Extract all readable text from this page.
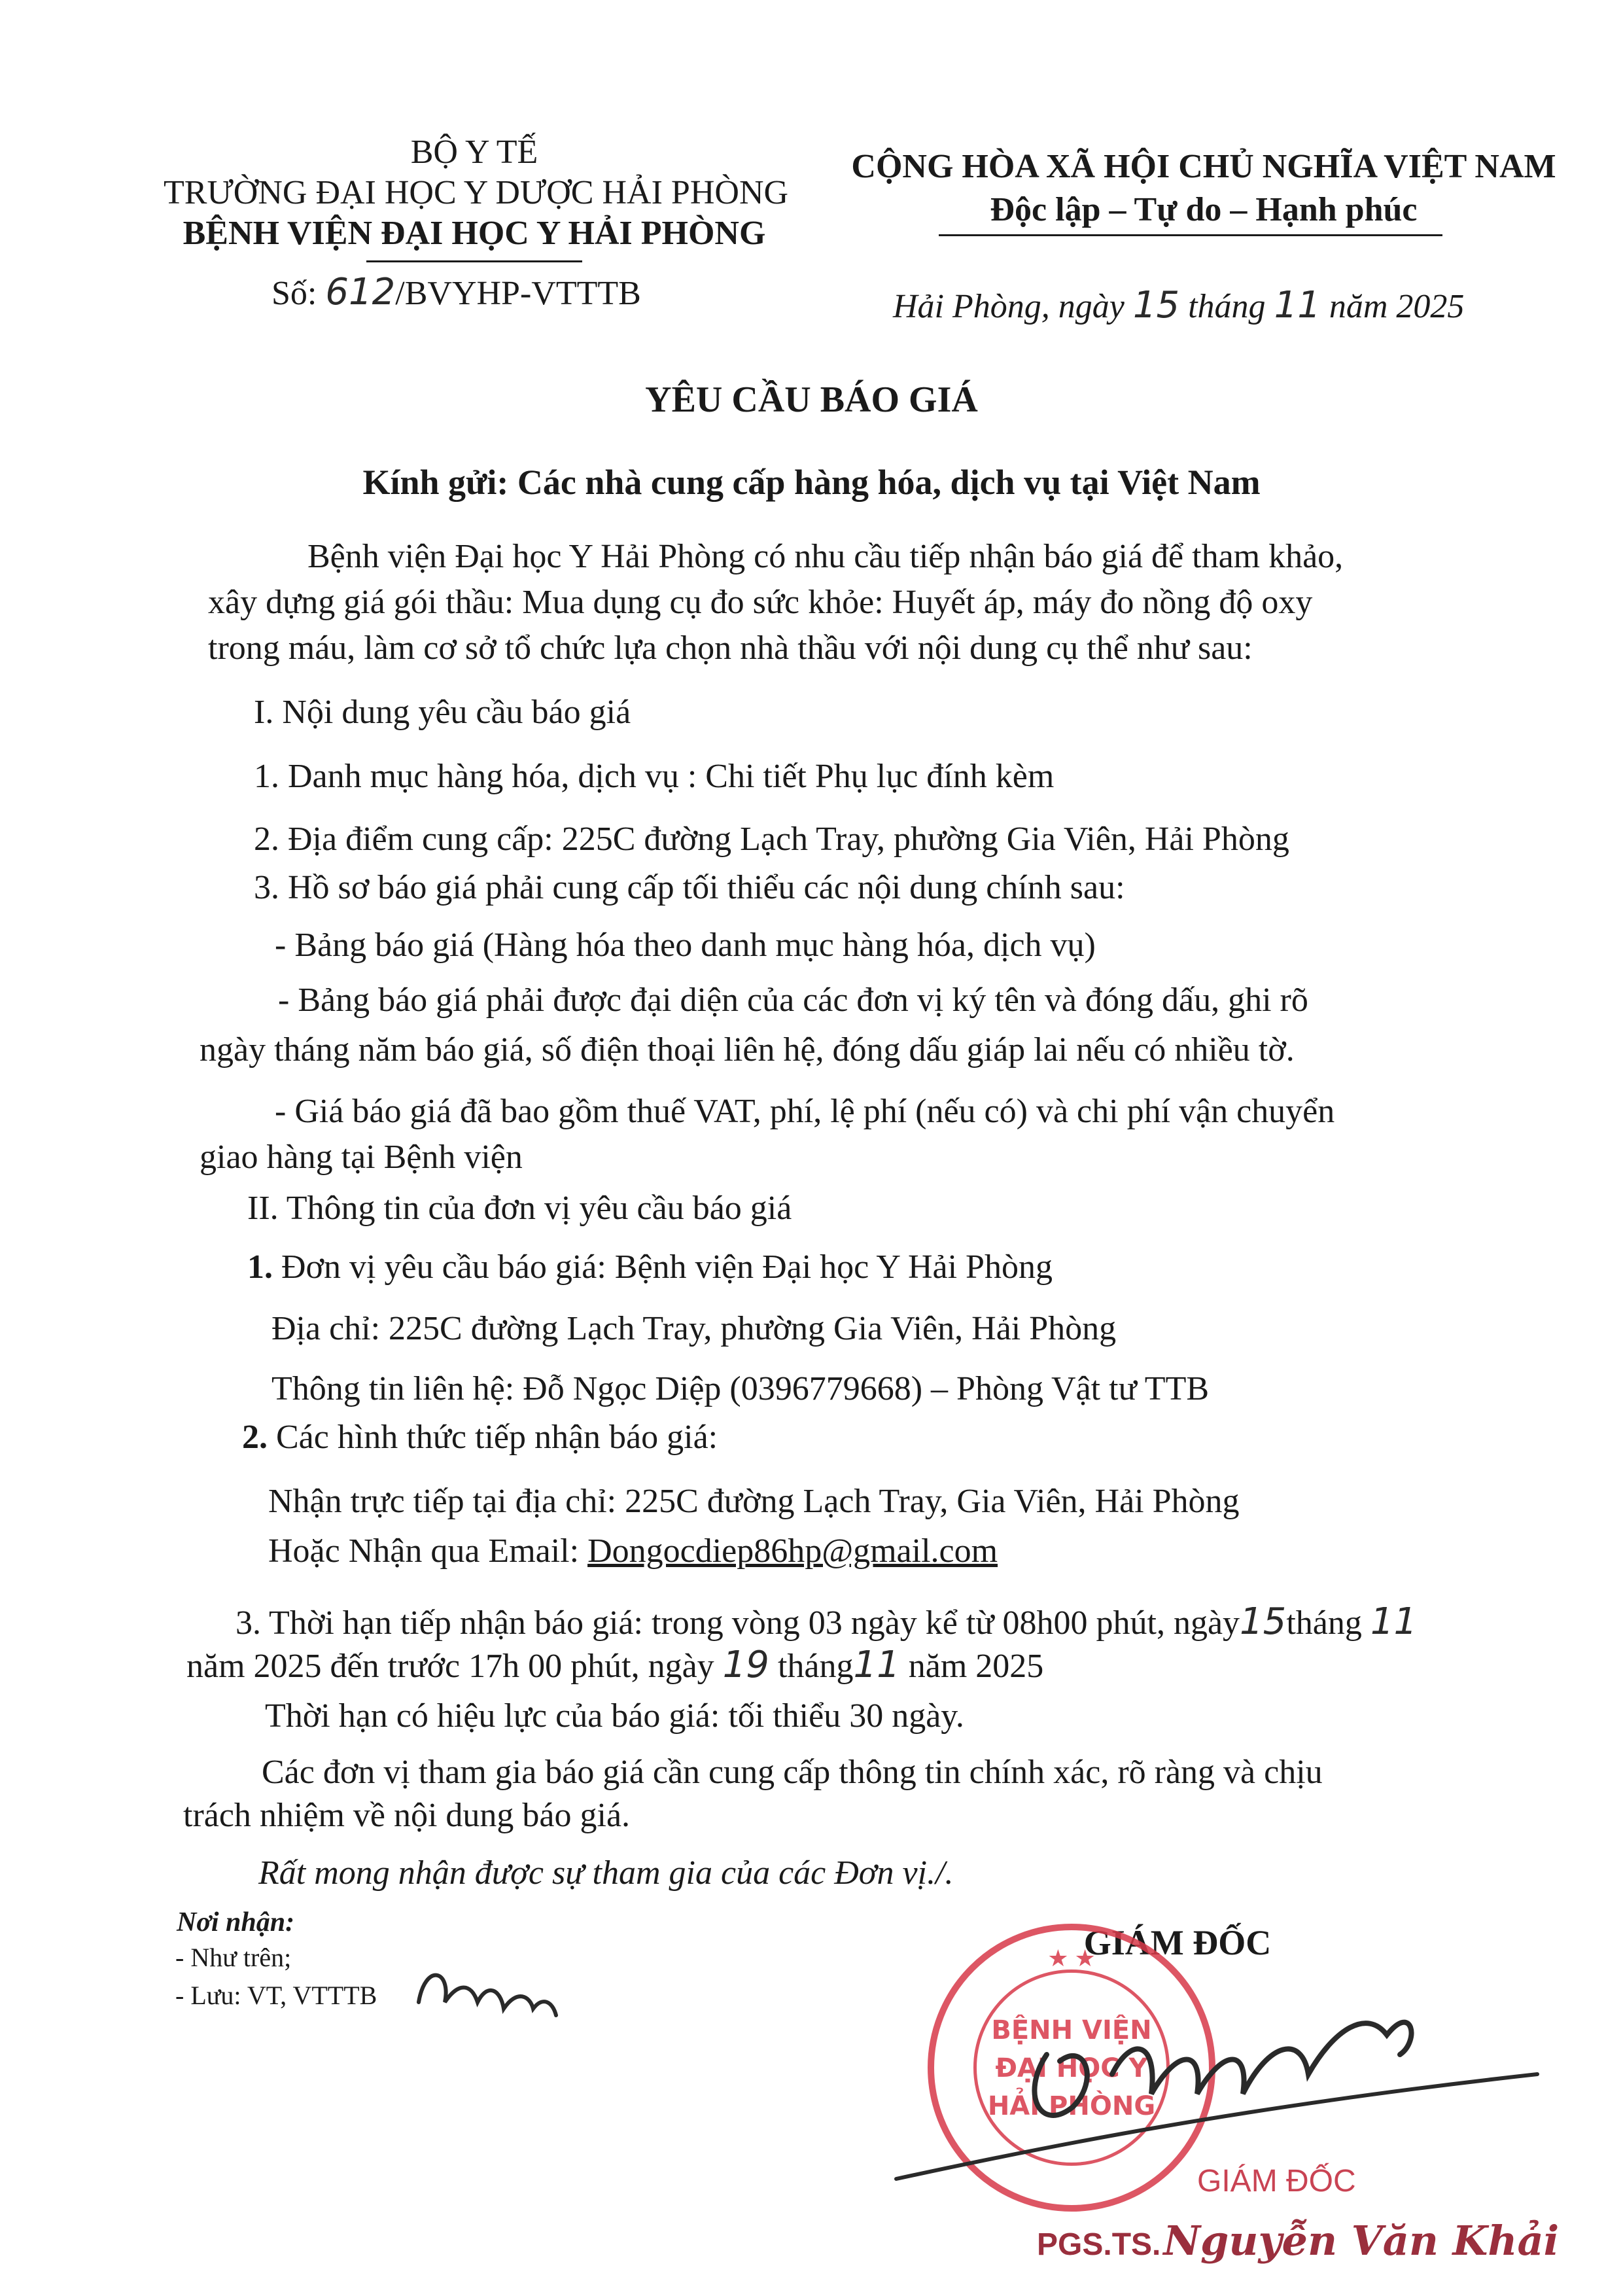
BỘ Y TẾ
TRƯỜNG ĐẠI HỌC Y DƯỢC HẢI PHÒNG
BỆNH VIỆN ĐẠI HỌC Y HẢI PHÒNG
Số: 612/BVYHP-VTTTB
CỘNG HÒA XÃ HỘI CHỦ NGHĨA VIỆT NAM
Độc lập – Tự do – Hạnh phúc
Hải Phòng, ngày 15 tháng 11 năm 2025
YÊU CẦU BÁO GIÁ
Kính gửi: Các nhà cung cấp hàng hóa, dịch vụ tại Việt Nam
Bệnh viện Đại học Y Hải Phòng có nhu cầu tiếp nhận báo giá để tham khảo,
xây dựng giá gói thầu: Mua dụng cụ đo sức khỏe: Huyết áp, máy đo nồng độ oxy
trong máu, làm cơ sở tổ chức lựa chọn nhà thầu với nội dung cụ thể như sau:
I. Nội dung yêu cầu báo giá
1. Danh mục hàng hóa, dịch vụ : Chi tiết Phụ lục đính kèm
2. Địa điểm cung cấp: 225C đường Lạch Tray, phường Gia Viên, Hải Phòng
3. Hồ sơ báo giá phải cung cấp tối thiểu các nội dung chính sau:
- Bảng báo giá (Hàng hóa theo danh mục hàng hóa, dịch vụ)
- Bảng báo giá phải được đại diện của các đơn vị ký tên và đóng dấu, ghi rõ
ngày tháng năm báo giá, số điện thoại liên hệ, đóng dấu giáp lai nếu có nhiều tờ.
- Giá báo giá đã bao gồm thuế VAT, phí, lệ phí (nếu có) và chi phí vận chuyển
giao hàng tại Bệnh viện
II. Thông tin của đơn vị yêu cầu báo giá
1. Đơn vị yêu cầu báo giá: Bệnh viện Đại học Y Hải Phòng
Địa chỉ: 225C đường Lạch Tray, phường Gia Viên, Hải Phòng
Thông tin liên hệ: Đỗ Ngọc Diệp (0396779668) – Phòng Vật tư TTB
2. Các hình thức tiếp nhận báo giá:
Nhận trực tiếp tại địa chỉ: 225C đường Lạch Tray, Gia Viên, Hải Phòng
Hoặc Nhận qua Email: Dongocdiep86hp@gmail.com
3. Thời hạn tiếp nhận báo giá: trong vòng 03 ngày kể từ 08h00 phút, ngày15tháng 11
năm 2025 đến trước 17h 00 phút, ngày 19 tháng11 năm 2025
Thời hạn có hiệu lực của báo giá: tối thiểu 30 ngày.
Các đơn vị tham gia báo giá cần cung cấp thông tin chính xác, rõ ràng và chịu
trách nhiệm về nội dung báo giá.
Rất mong nhận được sự tham gia của các Đơn vị./.
Nơi nhận:
- Như trên;
- Lưu: VT, VTTTB
GIÁM ĐỐC
★ ★
BỆNH VIỆN
ĐẠI HỌC Y
HẢI PHÒNG
GIÁM ĐỐC
PGS.TS. Nguyễn Văn Khải
